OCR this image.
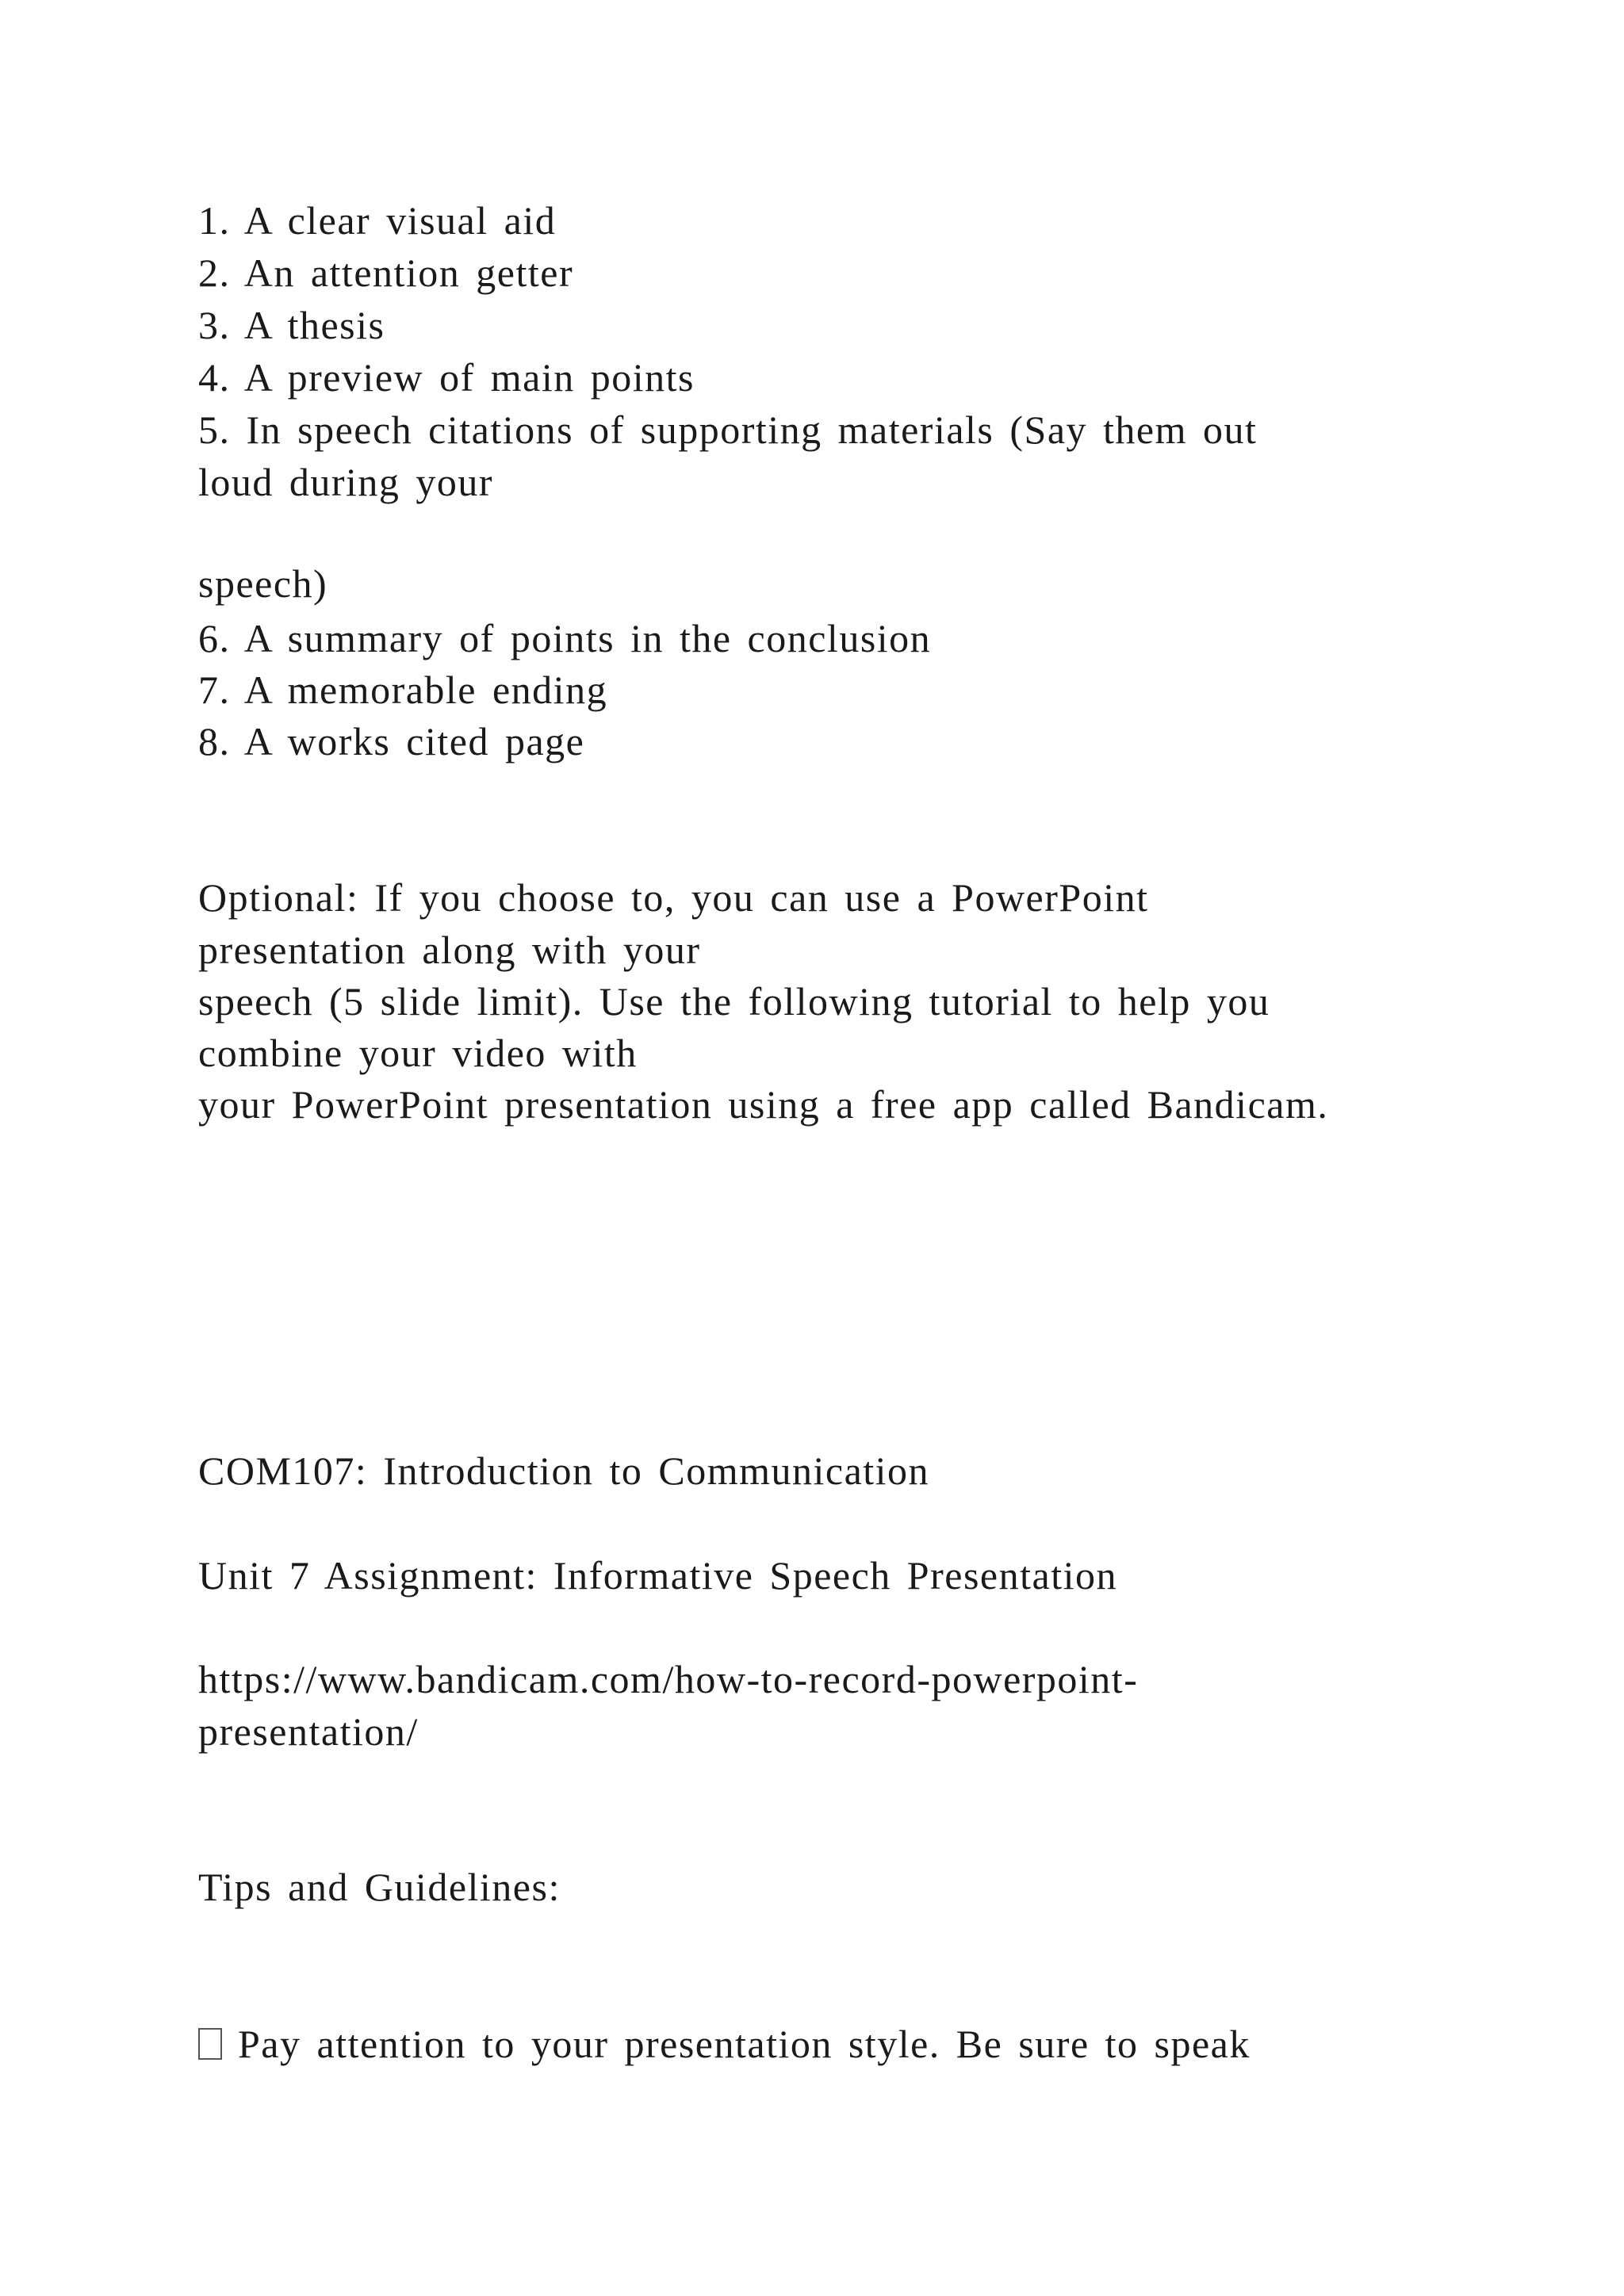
1. A clear visual aid
2. An attention getter
3. A thesis
4. A preview of main points
5. In speech citations of supporting materials (Say them out
loud during your
speech)
6. A summary of points in the conclusion
7. A memorable ending
8. A works cited page
Optional: If you choose to, you can use a PowerPoint
presentation along with your
speech (5 slide limit). Use the following tutorial to help you
combine your video with
your PowerPoint presentation using a free app called Bandicam.
COM107: Introduction to Communication
Unit 7 Assignment: Informative Speech Presentation
https://www.bandicam.com/how-to-record-powerpoint-
presentation/
Tips and Guidelines:
Pay attention to your presentation style. Be sure to speak
